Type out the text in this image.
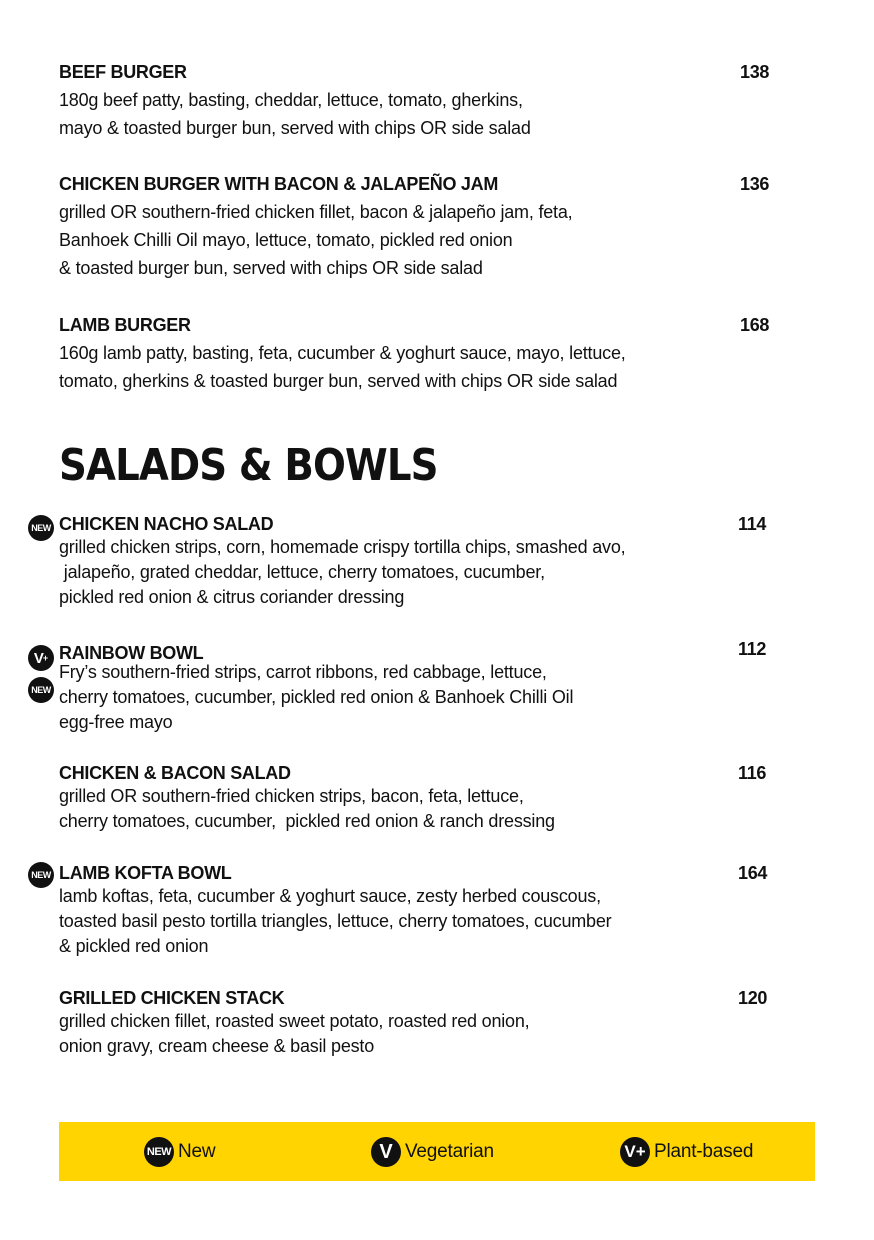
BEEF BURGER
180g beef patty, basting, cheddar, lettuce, tomato, gherkins,
mayo & toasted burger bun, served with chips OR side salad
138
CHICKEN BURGER WITH BACON & JALAPEÑO JAM
grilled OR southern-fried chicken fillet, bacon & jalapeño jam, feta,
Banhoek Chilli Oil mayo, lettuce, tomato, pickled red onion
& toasted burger bun, served with chips OR side salad
136
LAMB BURGER
160g lamb patty, basting, feta, cucumber & yoghurt sauce, mayo, lettuce,
tomato, gherkins & toasted burger bun, served with chips OR side salad
168
SALADS & BOWLS
NEW CHICKEN NACHO SALAD
grilled chicken strips, corn, homemade crispy tortilla chips, smashed avo,
jalapeño, grated cheddar, lettuce, cherry tomatoes, cucumber,
pickled red onion & citrus coriander dressing
114
V +
NEW
RAINBOW BOWL
Fry’s southern-fried strips, carrot ribbons, red cabbage, lettuce,
cherry tomatoes, cucumber, pickled red onion & Banhoek Chilli Oil
egg-free mayo
112
CHICKEN & BACON SALAD
grilled OR southern-fried chicken strips, bacon, feta, lettuce,
cherry tomatoes, cucumber,  pickled red onion & ranch dressing
116
NEW LAMB KOFTA BOWL
lamb koftas, feta, cucumber & yoghurt sauce, zesty herbed couscous,
toasted basil pesto tortilla triangles, lettuce, cherry tomatoes, cucumber
& pickled red onion
164
GRILLED CHICKEN STACK
grilled chicken fillet, roasted sweet potato, roasted red onion,
onion gravy, cream cheese & basil pesto
120
NEW New	V Vegetarian	V+ Plant-based
